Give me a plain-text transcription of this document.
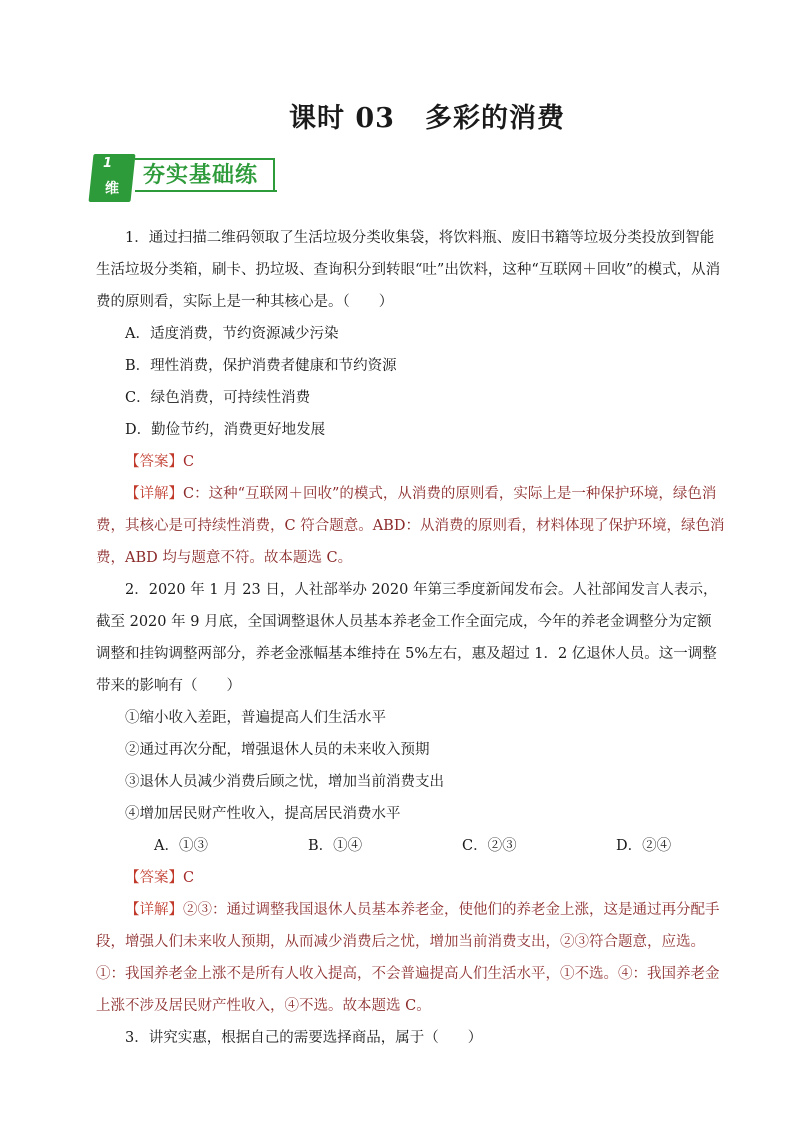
课时 03 多彩的消费
1
维
夯实基础练

1．通过扫描二维码领取了生活垃圾分类收集袋，将饮料瓶、废旧书籍等垃圾分类投放到智能生活垃圾分类箱，刷卡、扔垃圾、查询积分到转眼“吐”出饮料，这种“互联网＋回收”的模式，从消费的原则看，实际上是一种其核心是。（　　）

A．适度消费，节约资源减少污染

B．理性消费，保护消费者健康和节约资源

C．绿色消费，可持续性消费

D．勤俭节约，消费更好地发展

【答案】C

【详解】C：这种“互联网＋回收”的模式，从消费的原则看，实际上是一种保护环境，绿色消费，其核心是可持续性消费，C 符合题意。ABD：从消费的原则看，材料体现了保护环境，绿色消费，ABD 均与题意不符。故本题选 C。

2．2020 年 1 月 23 日，人社部举办 2020 年第三季度新闻发布会。人社部闻发言人表示，截至 2020 年 9 月底，全国调整退休人员基本养老金工作全面完成，今年的养老金调整分为定额调整和挂钩调整两部分，养老金涨幅基本维持在 5%左右，惠及超过 1．2 亿退休人员。这一调整带来的影响有（　　）

①缩小收入差距，普遍提高人们生活水平

②通过再次分配，增强退休人员的未来收入预期

③退休人员减少消费后顾之忧，增加当前消费支出

④增加居民财产性收入，提高居民消费水平

A．①③	B．①④	C．②③	D．②④

【答案】C

【详解】②③：通过调整我国退休人员基本养老金，使他们的养老金上涨，这是通过再分配手段，增强人们未来收人预期，从而减少消费后之忧，增加当前消费支出，②③符合题意，应选。①：我国养老金上涨不是所有人收入提高，不会普遍提高人们生活水平，①不选。④：我国养老金上涨不涉及居民财产性收入，④不选。故本题选 C。

3．讲究实惠，根据自己的需要选择商品，属于（　　）
